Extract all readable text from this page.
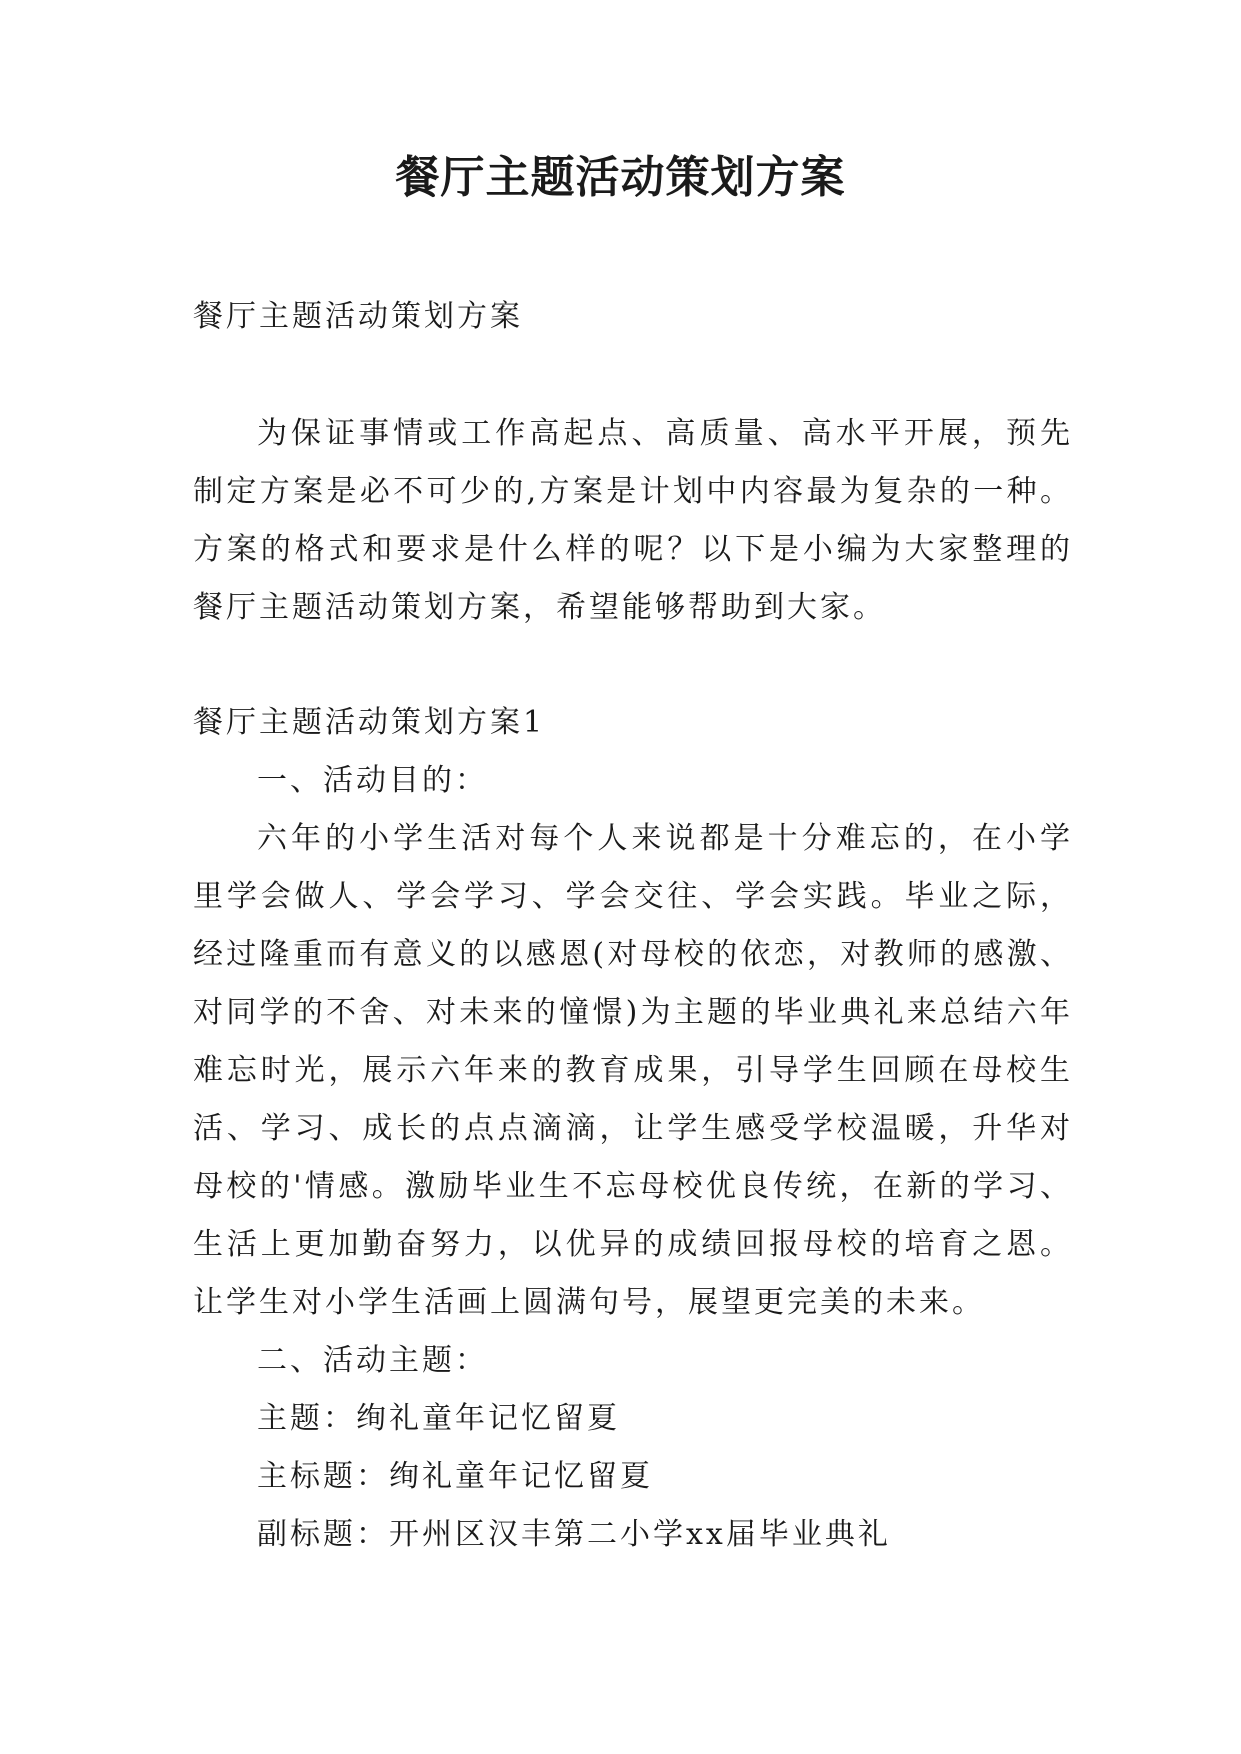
餐厅主题活动策划方案

餐厅主题活动策划方案

为保证事情或工作高起点、高质量、高水平开展，预先制定方案是必不可少的,方案是计划中内容最为复杂的一种。方案的格式和要求是什么样的呢？以下是小编为大家整理的餐厅主题活动策划方案，希望能够帮助到大家。

餐厅主题活动策划方案1

一、活动目的：

六年的小学生活对每个人来说都是十分难忘的，在小学里学会做人、学会学习、学会交往、学会实践。毕业之际，经过隆重而有意义的以感恩(对母校的依恋，对教师的感激、对同学的不舍、对未来的憧憬)为主题的毕业典礼来总结六年难忘时光，展示六年来的教育成果，引导学生回顾在母校生活、学习、成长的点点滴滴，让学生感受学校温暖，升华对母校的'情感。激励毕业生不忘母校优良传统，在新的学习、生活上更加勤奋努力，以优异的成绩回报母校的培育之恩。让学生对小学生活画上圆满句号，展望更完美的未来。

二、活动主题：

主题：绚礼童年记忆留夏

主标题：绚礼童年记忆留夏

副标题：开州区汉丰第二小学xx届毕业典礼
